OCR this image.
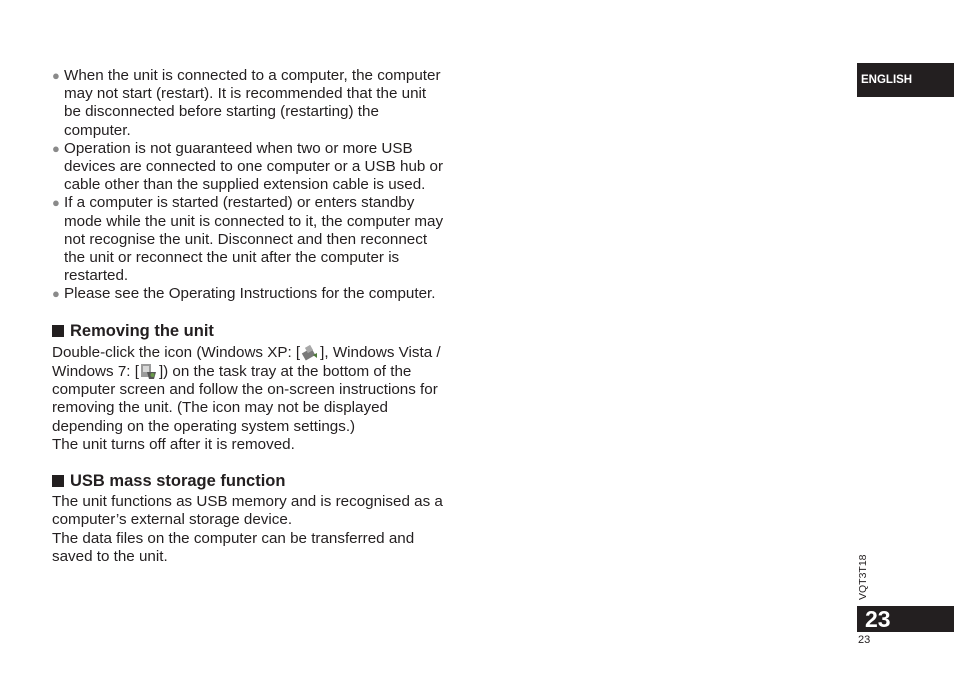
● When the unit is connected to a computer, the computer may not start (restart). It is recommended that the unit be disconnected before starting (restarting) the computer.
● Operation is not guaranteed when two or more USB devices are connected to one computer or a USB hub or cable other than the supplied extension cable is used.
● If a computer is started (restarted) or enters standby mode while the unit is connected to it, the computer may not recognise the unit. Disconnect and then reconnect the unit or reconnect the unit after the computer is restarted.
● Please see the Operating Instructions for the computer.
Removing the unit

Double-click the icon (Windows XP: [ ], Windows Vista / Windows 7: [ ]) on the task tray at the bottom of the computer screen and follow the on-screen instructions for removing the unit. (The icon may not be displayed depending on the operating system settings.)
The unit turns off after it is removed.

USB mass storage function

The unit functions as USB memory and is recognised as a computer’s external storage device.

The data files on the computer can be transferred and saved to the unit.

ENGLISH
VQT3T18
23
23
